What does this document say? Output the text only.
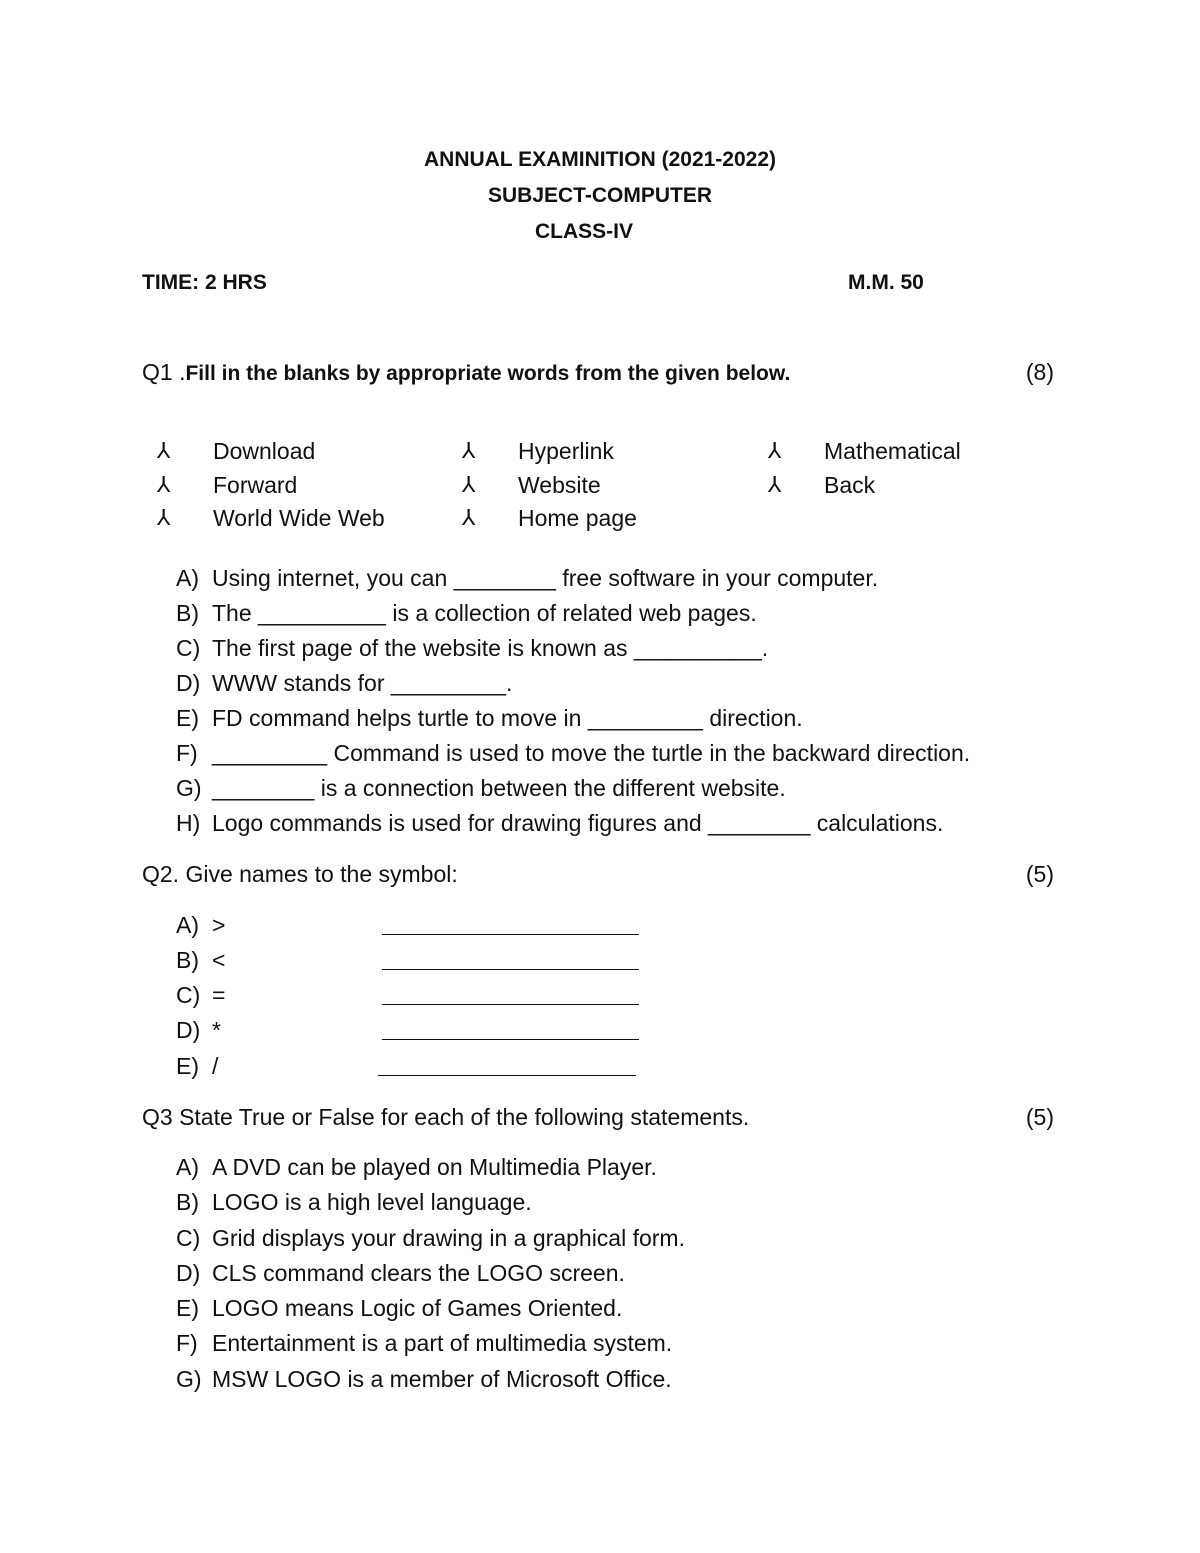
ANNUAL EXAMINITION (2021-2022)
SUBJECT-COMPUTER
CLASS-IV
TIME: 2 HRS	M.M. 50
Q1 .Fill in the blanks by appropriate words from the given below.	(8)
⅄ Download	⅄ Hyperlink	⅄ Mathematical
⅄ Forward	⅄ Website	⅄ Back
⅄ World Wide Web	⅄ Home page
A) Using internet, you can ________ free software in your computer.
B) The __________ is a collection of related web pages.
C) The first page of the website is known as __________.
D) WWW stands for _________.
E) FD command helps turtle to move in _________ direction.
F) _________ Command is used to move the turtle in the backward direction.
G) ________ is a connection between the different website.
H) Logo commands is used for drawing figures and ________ calculations.
Q2. Give names to the symbol:	(5)
A) >
B) <
C) =
D) *
E) /
Q3 State True or False for each of the following statements.	(5)
A) A DVD can be played on Multimedia Player.
B) LOGO is a high level language.
C) Grid displays your drawing in a graphical form.
D) CLS command clears the LOGO screen.
E) LOGO means Logic of Games Oriented.
F) Entertainment is a part of multimedia system.
G) MSW LOGO is a member of Microsoft Office.
